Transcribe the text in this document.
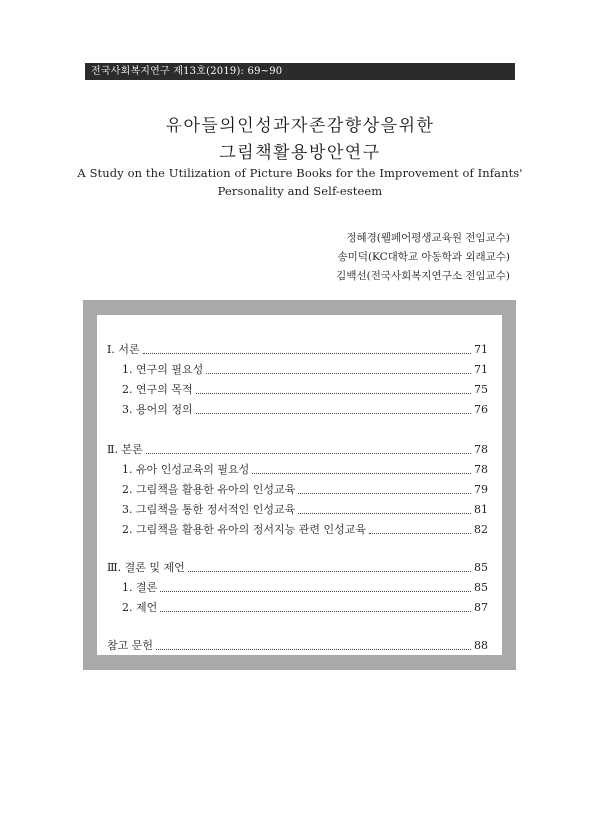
전국사회복지연구 제13호(2019): 69~90
유아들의인성과자존감향상을위한
그림책활용방안연구
A Study on the Utilization of Picture Books for the Improvement of Infants'
Personality and Self-esteem
정혜경(웰페어평생교육원 전임교수)
송미덕(KC대학교 아동학과 외래교수)
김백선(전국사회복지연구소 전임교수)
Ⅰ. 서론	71
1. 연구의 필요성	71
2. 연구의 목적	75
3. 용어의 정의	76
Ⅱ. 본론	78
1. 유아 인성교육의 필요성	78
2. 그림책을 활용한 유아의 인성교육	79
3. 그림책을 통한 정서적인 인성교육	81
2. 그림책을 활용한 유아의 정서지능 관련 인성교육	82
Ⅲ. 결론 및 제언	85
1. 결론	85
2. 제언	87
참고 문헌	88
